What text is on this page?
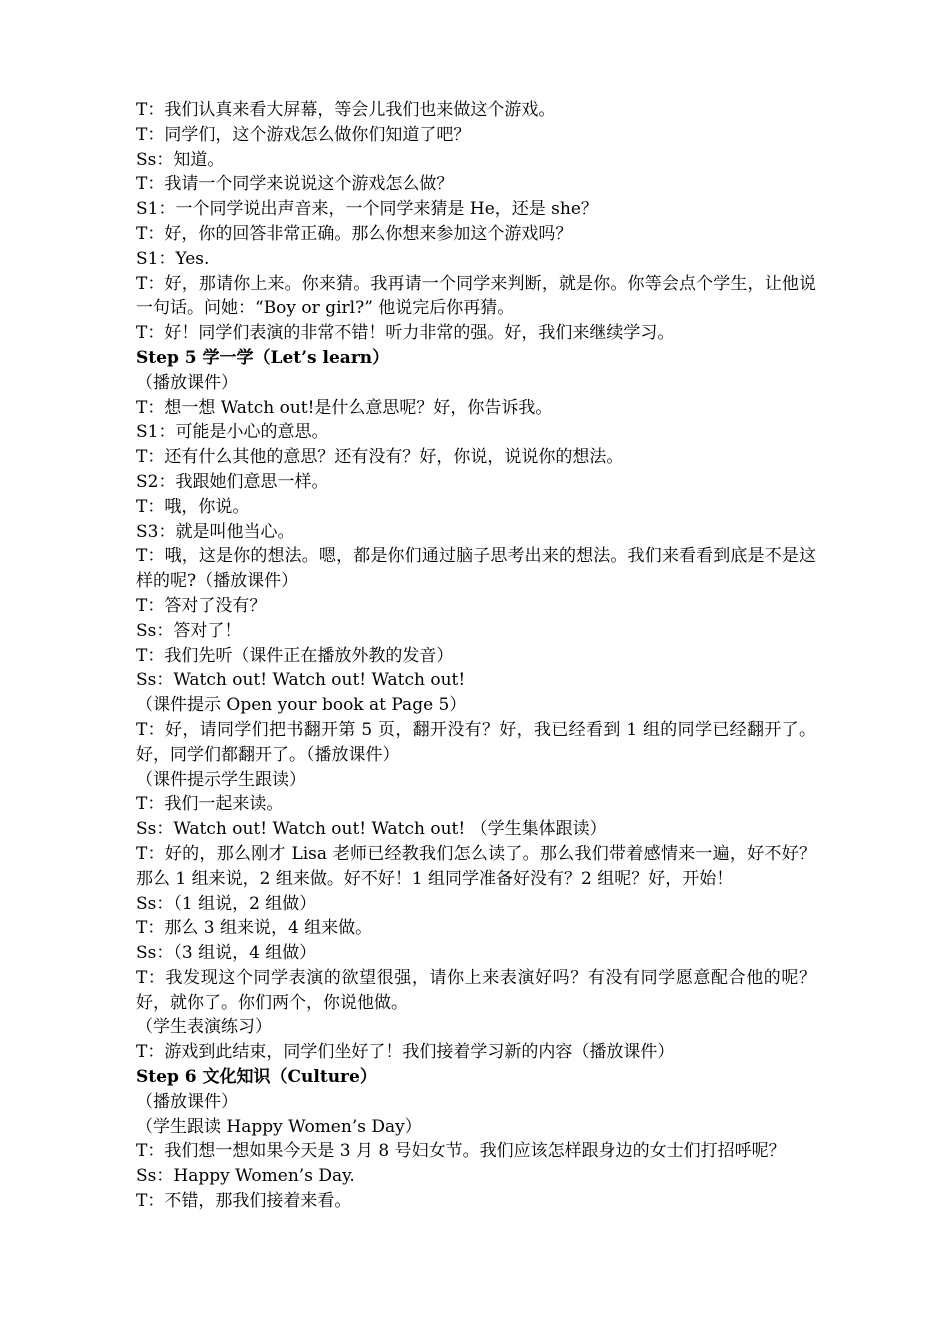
T：我们认真来看大屏幕，等会儿我们也来做这个游戏。

T：同学们，这个游戏怎么做你们知道了吧？

Ss：知道。

T：我请一个同学来说说这个游戏怎么做？

S1：一个同学说出声音来，一个同学来猜是 He，还是 she？

T：好，你的回答非常正确。那么你想来参加这个游戏吗？

S1：Yes.

T：好，那请你上来。你来猜。我再请一个同学来判断，就是你。你等会点个学生，让他说一句话。问她：“Boy or girl?” 他说完后你再猜。

T：好！同学们表演的非常不错！听力非常的强。好，我们来继续学习。

Step 5 学一学（Let’s learn）

（播放课件）

T：想一想 Watch out!是什么意思呢？好，你告诉我。

S1：可能是小心的意思。

T：还有什么其他的意思？还有没有？好，你说，说说你的想法。

S2：我跟她们意思一样。

T：哦，你说。

S3：就是叫他当心。

T：哦，这是你的想法。嗯，都是你们通过脑子思考出来的想法。我们来看看到底是不是这样的呢?（播放课件）

T：答对了没有？

Ss：答对了！

T：我们先听（课件正在播放外教的发音）

Ss：Watch out! Watch out! Watch out!

（课件提示 Open your book at Page 5）

T：好，请同学们把书翻开第 5 页，翻开没有？好，我已经看到 1 组的同学已经翻开了。好，同学们都翻开了。（播放课件）

（课件提示学生跟读）

T：我们一起来读。

Ss：Watch out! Watch out! Watch out! （学生集体跟读）

T：好的，那么刚才 Lisa 老师已经教我们怎么读了。那么我们带着感情来一遍，好不好？那么 1 组来说，2 组来做。好不好！1 组同学准备好没有？2 组呢？好，开始！

Ss：（1 组说，2 组做）

T：那么 3 组来说，4 组来做。

Ss：（3 组说，4 组做）

T：我发现这个同学表演的欲望很强，请你上来表演好吗？有没有同学愿意配合他的呢？好，就你了。你们两个，你说他做。

（学生表演练习）

T：游戏到此结束，同学们坐好了！我们接着学习新的内容（播放课件）

Step 6 文化知识（Culture）

（播放课件）

（学生跟读 Happy Women’s Day）

T：我们想一想如果今天是 3 月 8 号妇女节。我们应该怎样跟身边的女士们打招呼呢？

Ss：Happy Women’s Day.

T：不错，那我们接着来看。
